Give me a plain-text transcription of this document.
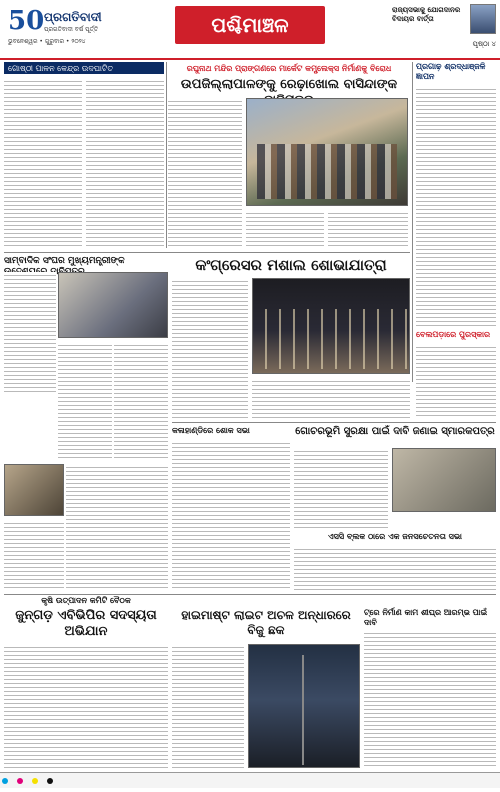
50 ପ୍ରଗତିବାଦୀ
ପ୍ରଗତିବାଦୀ ବର୍ଷ ପୂର୍ତ୍ତି
ଭୁବନେଶ୍ୱର • ଗୁରୁବାର • ୨୦୨୪
ପଶ୍ଚିମାଞ୍ଚଳ
ରାଜ୍ୟସଭାକୁ ଯୋଗଦାନର ବିଦାୟର ବାର୍ତ୍ତା
ପୃଷ୍ଠା ୪
ଗୋଷ୍ଠୀ ପାଳନ କେନ୍ଦ୍ର ଉଦଘାଟିତ	ରଘୁନାଥ ମନ୍ଦିର ପ୍ରାଙ୍ଗଣରେ ମାର୍କେଟ କମ୍ପ୍ଲେକ୍ସ ନିର୍ମାଣକୁ ବିରୋଧ
ଉପଜିଲ୍ଲାପାଳଙ୍କୁ ରେଢ଼ାଖୋଲ ବାସିନ୍ଦାଙ୍କ
ପ୍ରଗାଢ଼ ଶ୍ରଦ୍ଧାଞ୍ଜଳି ଜ୍ଞାପନ
ସାମ୍ବାଦିକ ସଂଘର ମୁଖ୍ୟମନ୍ତ୍ରୀଙ୍କ	କଂଗ୍ରେସର ମଶାଲ ଶୋଭାଯାତ୍ରା
ବେଲପଡ଼ାରେ ପୁରସ୍କାର
କଳାହାଣ୍ଡିରେ ଶୋକ ସଭା	ଗୋଚରଭୂମି ସୁରକ୍ଷା ପାଇଁ ଦାବି ଜଣାଇ ସ୍ମାରକପତ୍ର
ଏସସି ବ୍ଲକ ଠାରେ ଏକ ଜନସଚେତନତା ସଭା
କୃଷି ଉତ୍ପାଦନ କମିଟି ବୈଠକ
ଜୁନ୍‌ଗଡ଼ ଏବିଭିପିର ସଦସ୍ୟତା ଅଭିଯାନ
ହାଇମାଷ୍ଟ ଲାଇଟ ଅଚଳ ଅନ୍ଧାରରେ ବିଜୁ ଛକ
ଟ୍ରେ ନିର୍ମାଣ କାମ ଶୀଘ୍ର ଆରମ୍ଭ ପାଇଁ ଦାବି
